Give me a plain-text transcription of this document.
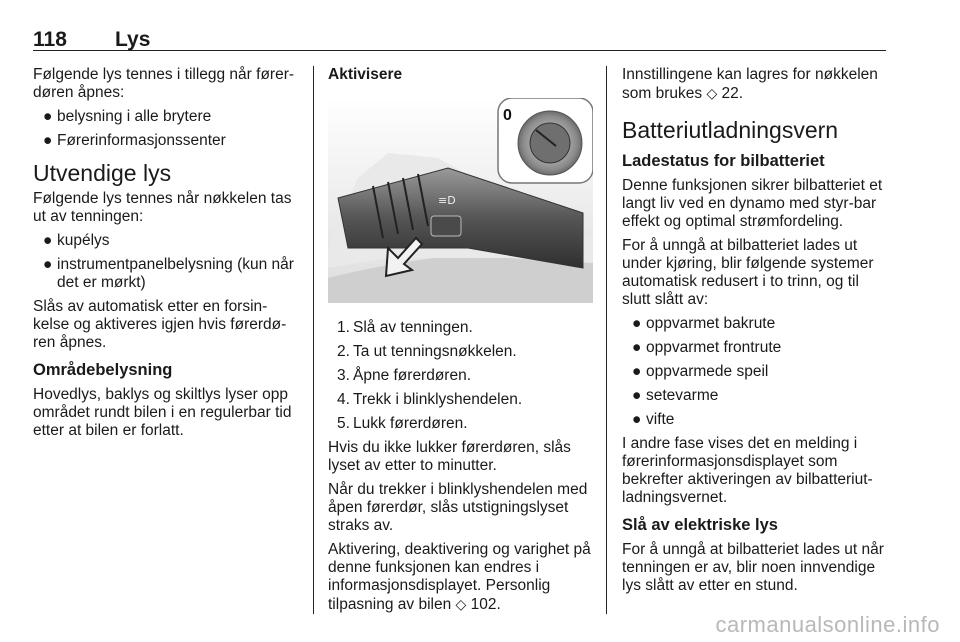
118 Lys

Følgende lys tennes i tillegg når fører-døren åpnes:

● belysning i alle brytere
● Førerinformasjonssenter
Utvendige lys

Følgende lys tennes når nøkkelen tas ut av tenningen:

● kupélys
● instrumentpanelbelysning (kun når det er mørkt)

Slås av automatisk etter en forsin-kelse og aktiveres igjen hvis førerdø-ren åpnes.

Områdebelysning

Hovedlys, baklys og skiltlys lyser opp området rundt bilen i en regulerbar tid etter at bilen er forlatt.

Aktivisere
≡D
0
1. Slå av tenningen.
2. Ta ut tenningsnøkkelen.
3. Åpne førerdøren.
4. Trekk i blinklyshendelen.
5. Lukk førerdøren.

Hvis du ikke lukker førerdøren, slås lyset av etter to minutter.

Når du trekker i blinklyshendelen med åpen førerdør, slås utstigningslyset straks av.

Aktivering, deaktivering og varighet på denne funksjonen kan endres i informasjonsdisplayet. Personlig tilpasning av bilen ◇ 102.

Innstillingene kan lagres for nøkkelen som brukes ◇ 22.

Batteriutladningsvern
Ladestatus for bilbatteriet

Denne funksjonen sikrer bilbatteriet et langt liv ved en dynamo med styr-bar effekt og optimal strømfordeling.

For å unngå at bilbatteriet lades ut under kjøring, blir følgende systemer automatisk redusert i to trinn, og til slutt slått av:

● oppvarmet bakrute
● oppvarmet frontrute
● oppvarmede speil
● setevarme
● vifte

I andre fase vises det en melding i førerinformasjonsdisplayet som bekrefter aktiveringen av bilbatteriut-ladningsvernet.

Slå av elektriske lys

For å unngå at bilbatteriet lades ut når tenningen er av, blir noen innvendige lys slått av etter en stund.

carmanualsonline.info
